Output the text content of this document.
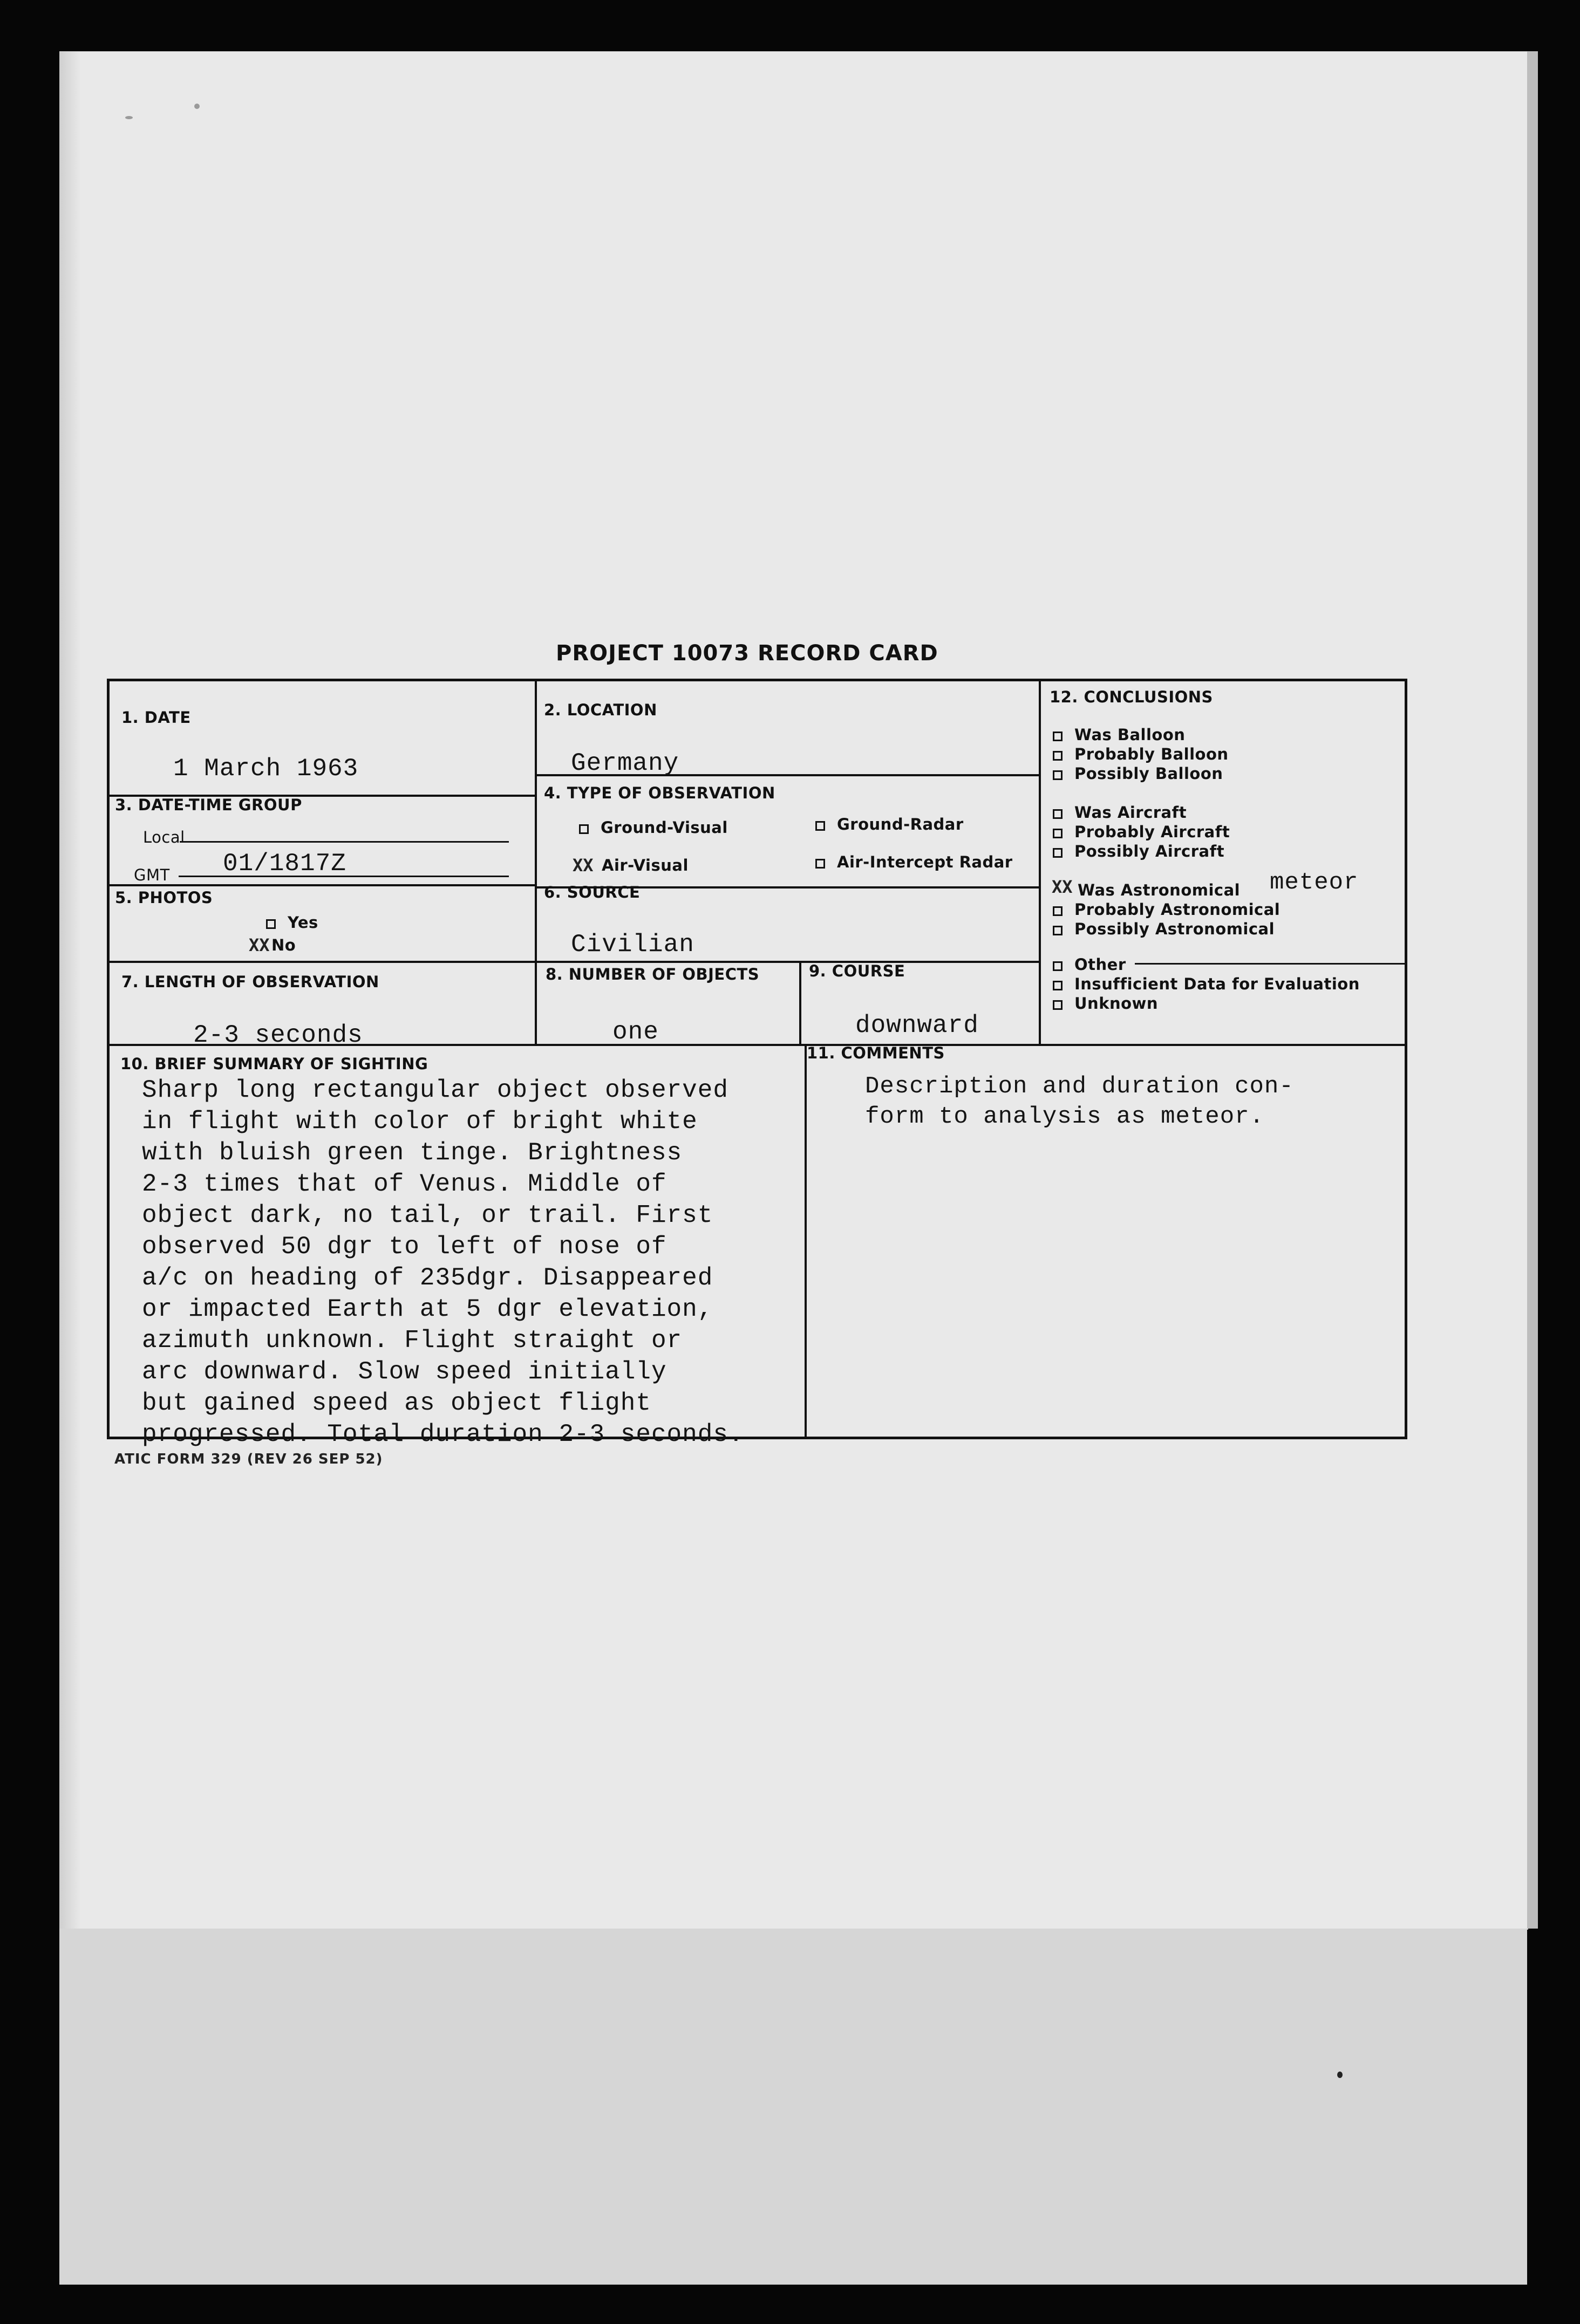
PROJECT 10073 RECORD CARD
1. DATE
1 March 1963
2. LOCATION
Germany
3. DATE-TIME GROUP
Local
GMT 01/1817Z
4. TYPE OF OBSERVATION
Ground-Visual	Ground-Radar
XX Air-Visual	Air-Intercept Radar
5. PHOTOS
Yes
XX No
6. SOURCE
Civilian
7. LENGTH OF OBSERVATION
2-3 seconds
8. NUMBER OF OBJECTS
one
9. COURSE
downward
12. CONCLUSIONS
Was Balloon
Probably Balloon
Possibly Balloon
Was Aircraft
Probably Aircraft
Possibly Aircraft
XX Was Astronomical meteor
Probably Astronomical
Possibly Astronomical
Other
Insufficient Data for Evaluation
Unknown
10. BRIEF SUMMARY OF SIGHTING
Sharp long rectangular object observed
in flight with color of bright white
with bluish green tinge. Brightness
2-3 times that of Venus. Middle of
object dark, no tail, or trail. First
observed 50 dgr to left of nose of
a/c on heading of 235dgr. Disappeared
or impacted Earth at 5 dgr elevation,
azimuth unknown. Flight straight or
arc downward. Slow speed initially
but gained speed as object flight
progressed. Total duration 2-3 seconds.
11. COMMENTS
Description and duration con-
form to analysis as meteor.
ATIC FORM 329 (REV 26 SEP 52)
